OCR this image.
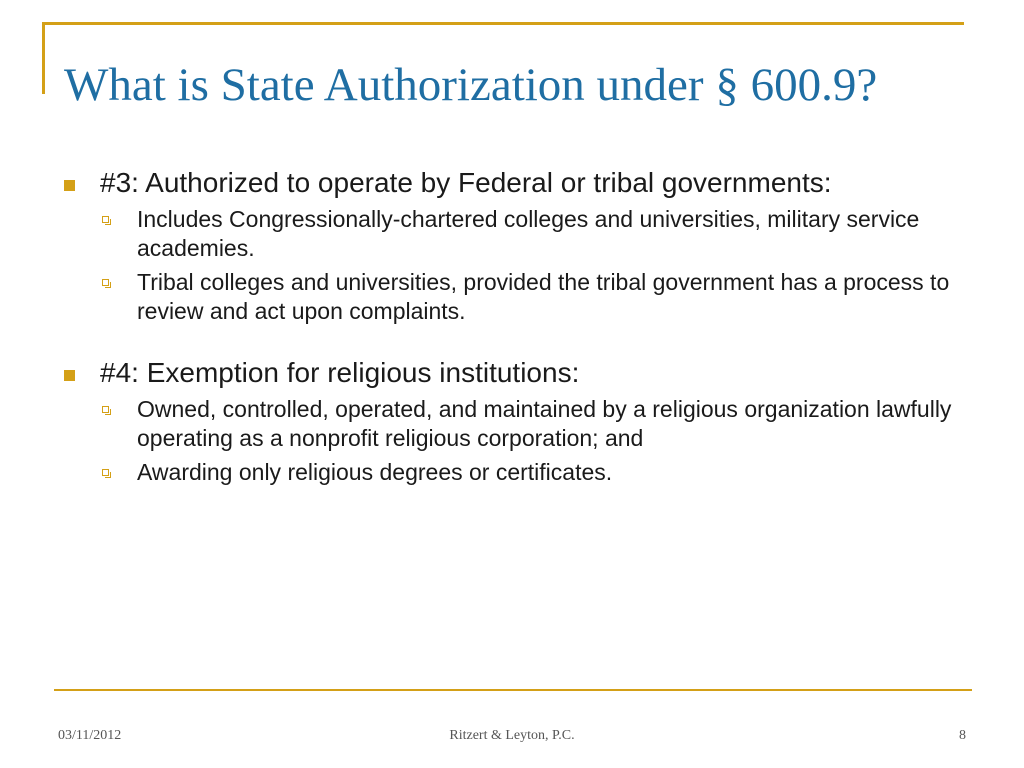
What is State Authorization under § 600.9?
#3: Authorized to operate by Federal or tribal governments:
Includes Congressionally-chartered colleges and universities, military service academies.
Tribal colleges and universities, provided the tribal government has a process to review and act upon complaints.
#4: Exemption for religious institutions:
Owned, controlled, operated, and maintained by a religious organization lawfully operating as a nonprofit religious corporation; and
Awarding only religious degrees or certificates.
03/11/2012	Ritzert & Leyton, P.C.	8
